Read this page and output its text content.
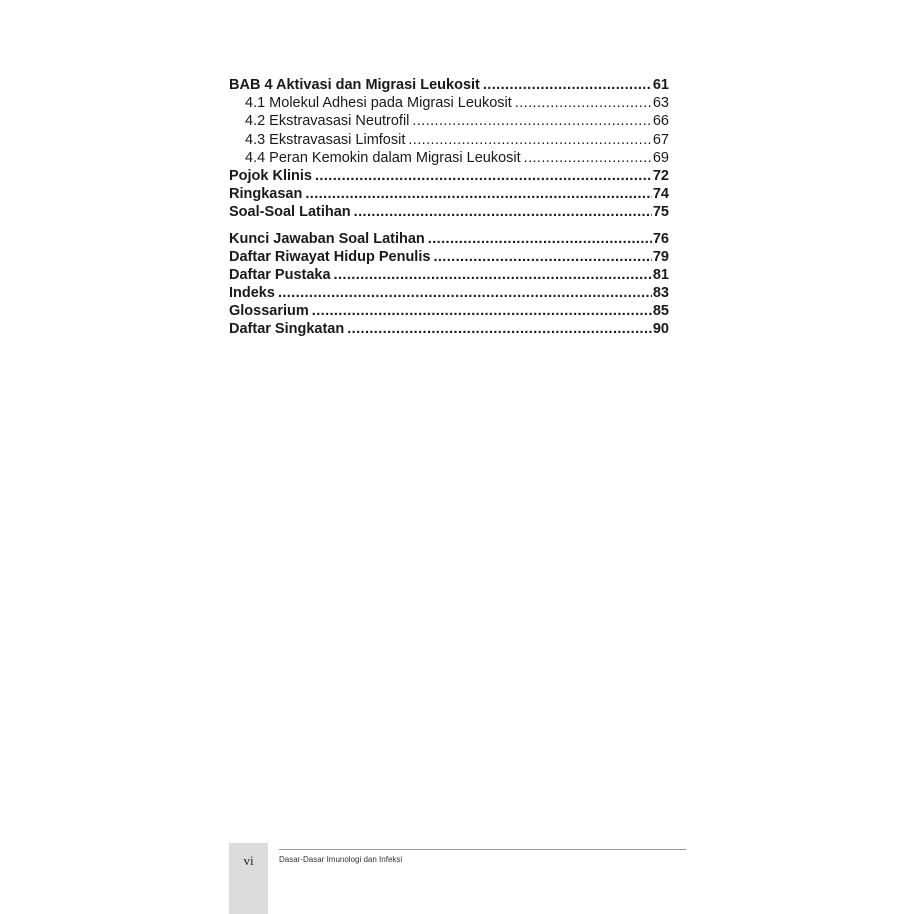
BAB 4 Aktivasi dan Migrasi Leukosit .....	61
4.1 Molekul Adhesi pada Migrasi Leukosit .....	63
4.2 Ekstravasasi Neutrofil .....	66
4.3 Ekstravasasi Limfosit .....	67
4.4 Peran Kemokin dalam Migrasi Leukosit .....	69
Pojok Klinis .....	72
Ringkasan .....	74
Soal-Soal Latihan .....	75
Kunci Jawaban Soal Latihan .....	76
Daftar Riwayat Hidup Penulis .....	79
Daftar Pustaka .....	81
Indeks .....	83
Glossarium .....	85
Daftar Singkatan .....	90
vi	Dasar-Dasar Imunologi dan Infeksi
